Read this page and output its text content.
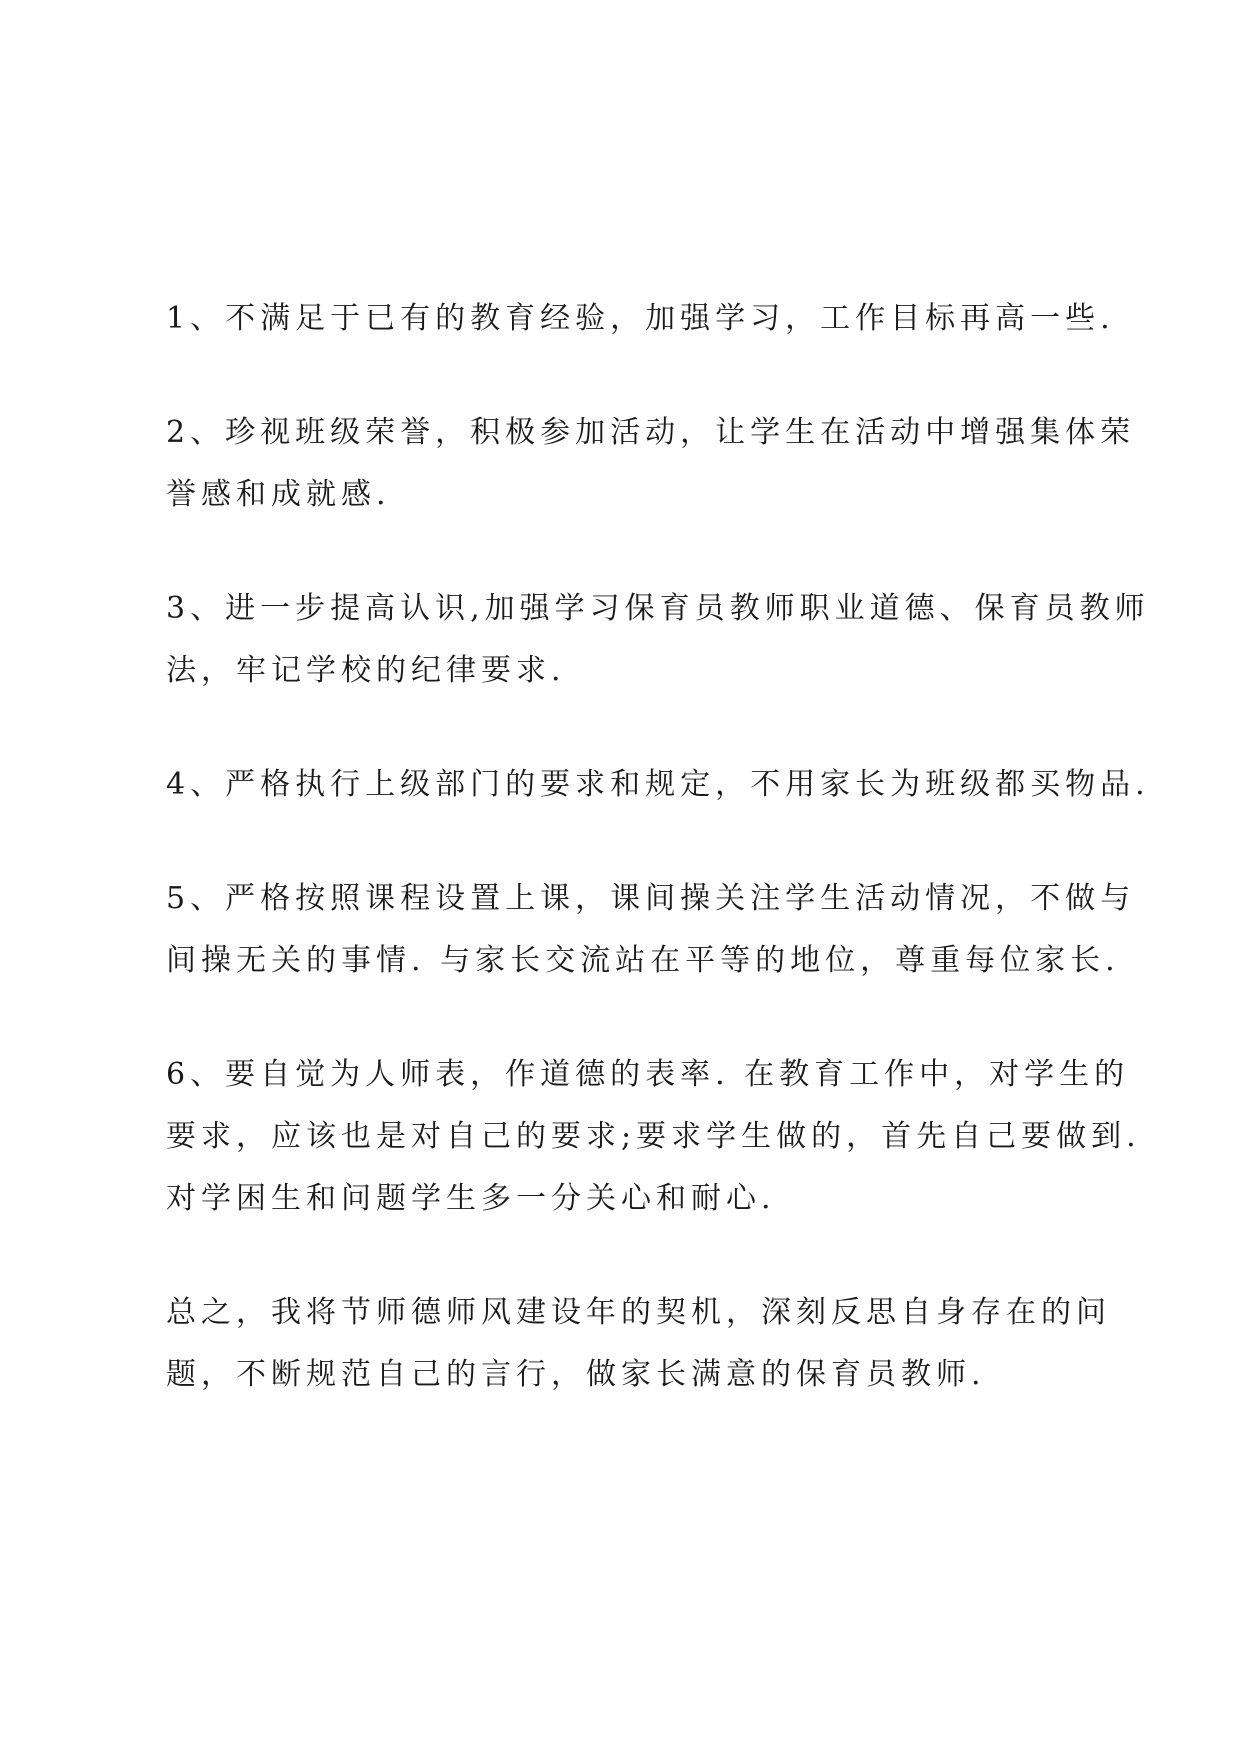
1、不满足于已有的教育经验，加强学习，工作目标再高一些.

2、珍视班级荣誉，积极参加活动，让学生在活动中增强集体荣
誉感和成就感.

3、进一步提高认识,加强学习保育员教师职业道德、保育员教师
法，牢记学校的纪律要求.

4、严格执行上级部门的要求和规定，不用家长为班级都买物品.

5、严格按照课程设置上课，课间操关注学生活动情况，不做与
间操无关的事情. 与家长交流站在平等的地位，尊重每位家长.

6、要自觉为人师表，作道德的表率. 在教育工作中，对学生的
要求，应该也是对自己的要求;要求学生做的，首先自己要做到.
对学困生和问题学生多一分关心和耐心.

总之，我将节师德师风建设年的契机，深刻反思自身存在的问
题，不断规范自己的言行，做家长满意的保育员教师.
